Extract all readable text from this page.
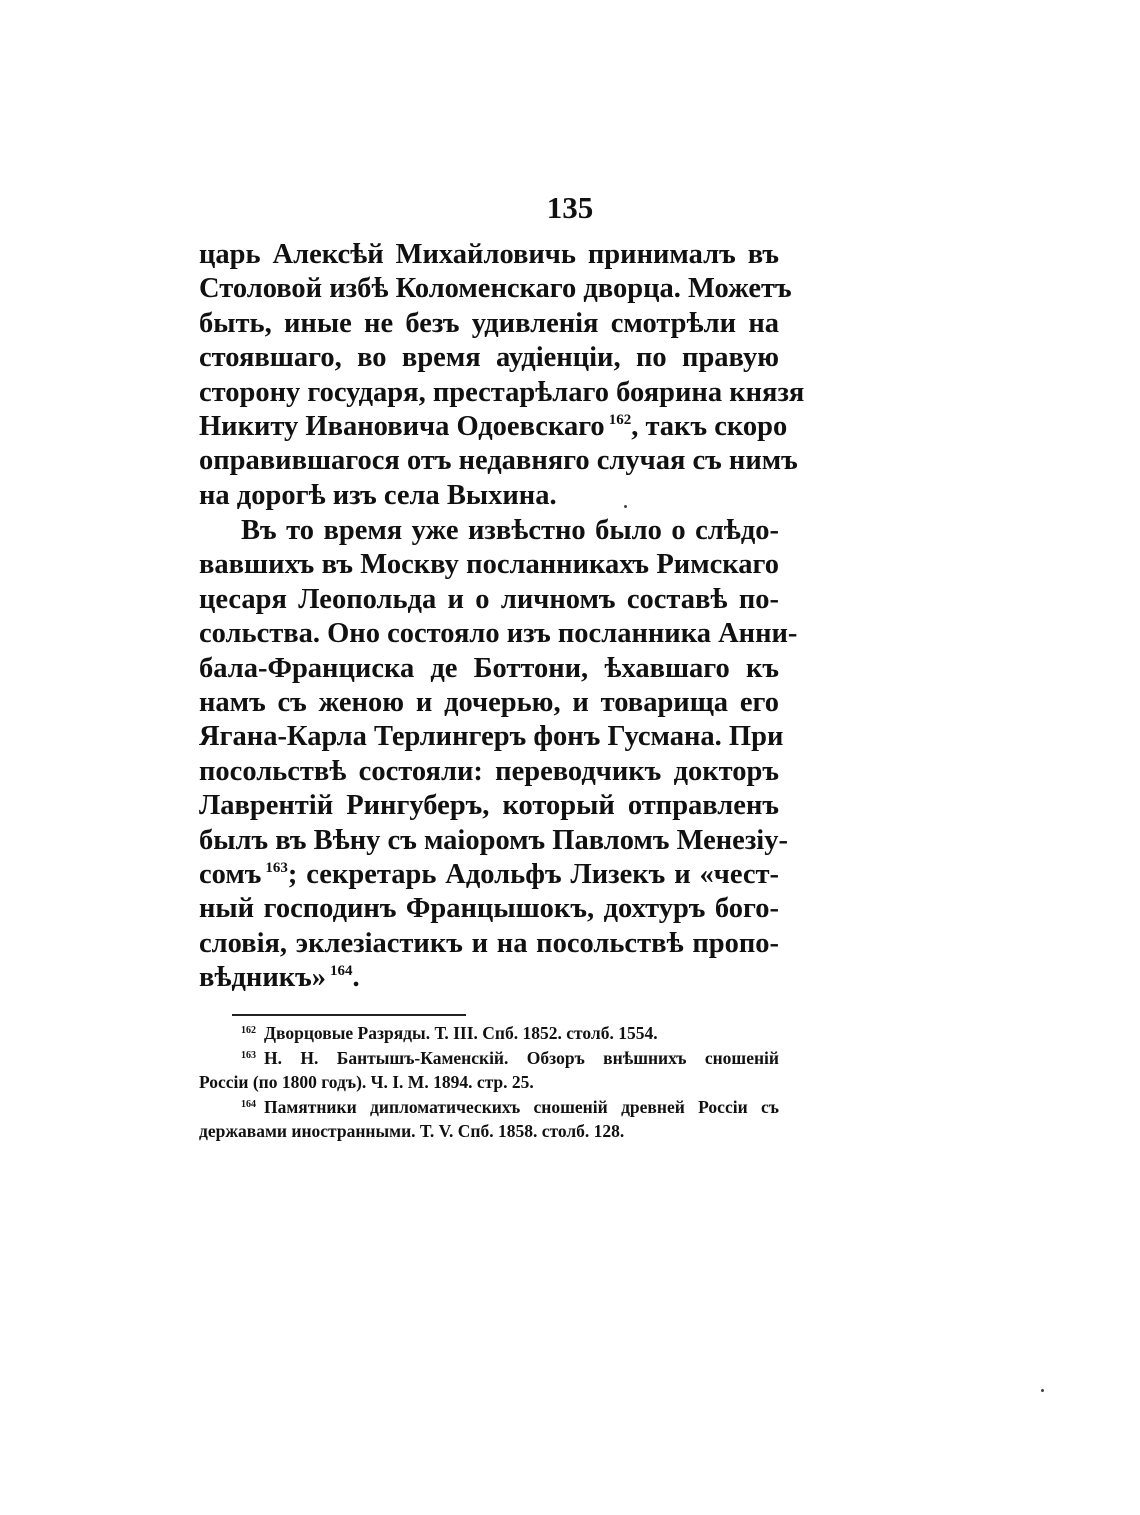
135
царь Алексѣй Михайловичь принималъ въ
Столовой избѣ Коломенскаго дворца. Можетъ
быть, иные не безъ удивленія смотрѣли на
стоявшаго, во время аудіенціи, по правую
сторону государя, престарѣлаго боярина князя
Никиту Ивановича Одоевскаго $^{162}$, такъ скоро
оправившагося отъ недавняго случая съ нимъ
на дорогѣ изъ села Выхина.
Въ то время уже извѣстно было о слѣдо-
вавшихъ въ Москву посланникахъ Римскаго
цесаря Леопольда и о личномъ составѣ по-
сольства. Оно состояло изъ посланника Анни-
бала-Франциска де Боттони, ѣхавшаго къ
намъ съ женою и дочерью, и товарища его
Ягана-Карла Терлингеръ фонъ Гусмана. При
посольствѣ состояли: переводчикъ докторъ
Лаврентій Рингуберъ, который отправленъ
былъ въ Вѣну съ маіоромъ Павломъ Менезіу-
сомъ $^{163}$; секретарь Адольфъ Лизекъ и «чест-
ный господинъ Францышокъ, дохтуръ бого-
словія, эклезіастикъ и на посольствѣ пропо-
вѣдникъ» $^{164}$.
$^{162}$ Дворцовые Разряды. Т. III. Спб. 1852. столб. 1554.
$^{163}$ Н. Н. Бантышъ-Каменскій. Обзоръ внѣшнихъ сношеній
Россіи (по 1800 годъ). Ч. I. М. 1894. стр. 25.
$^{164}$ Памятники дипломатическихъ сношеній древней Россіи съ
державами иностранными. Т. V. Спб. 1858. столб. 128.
